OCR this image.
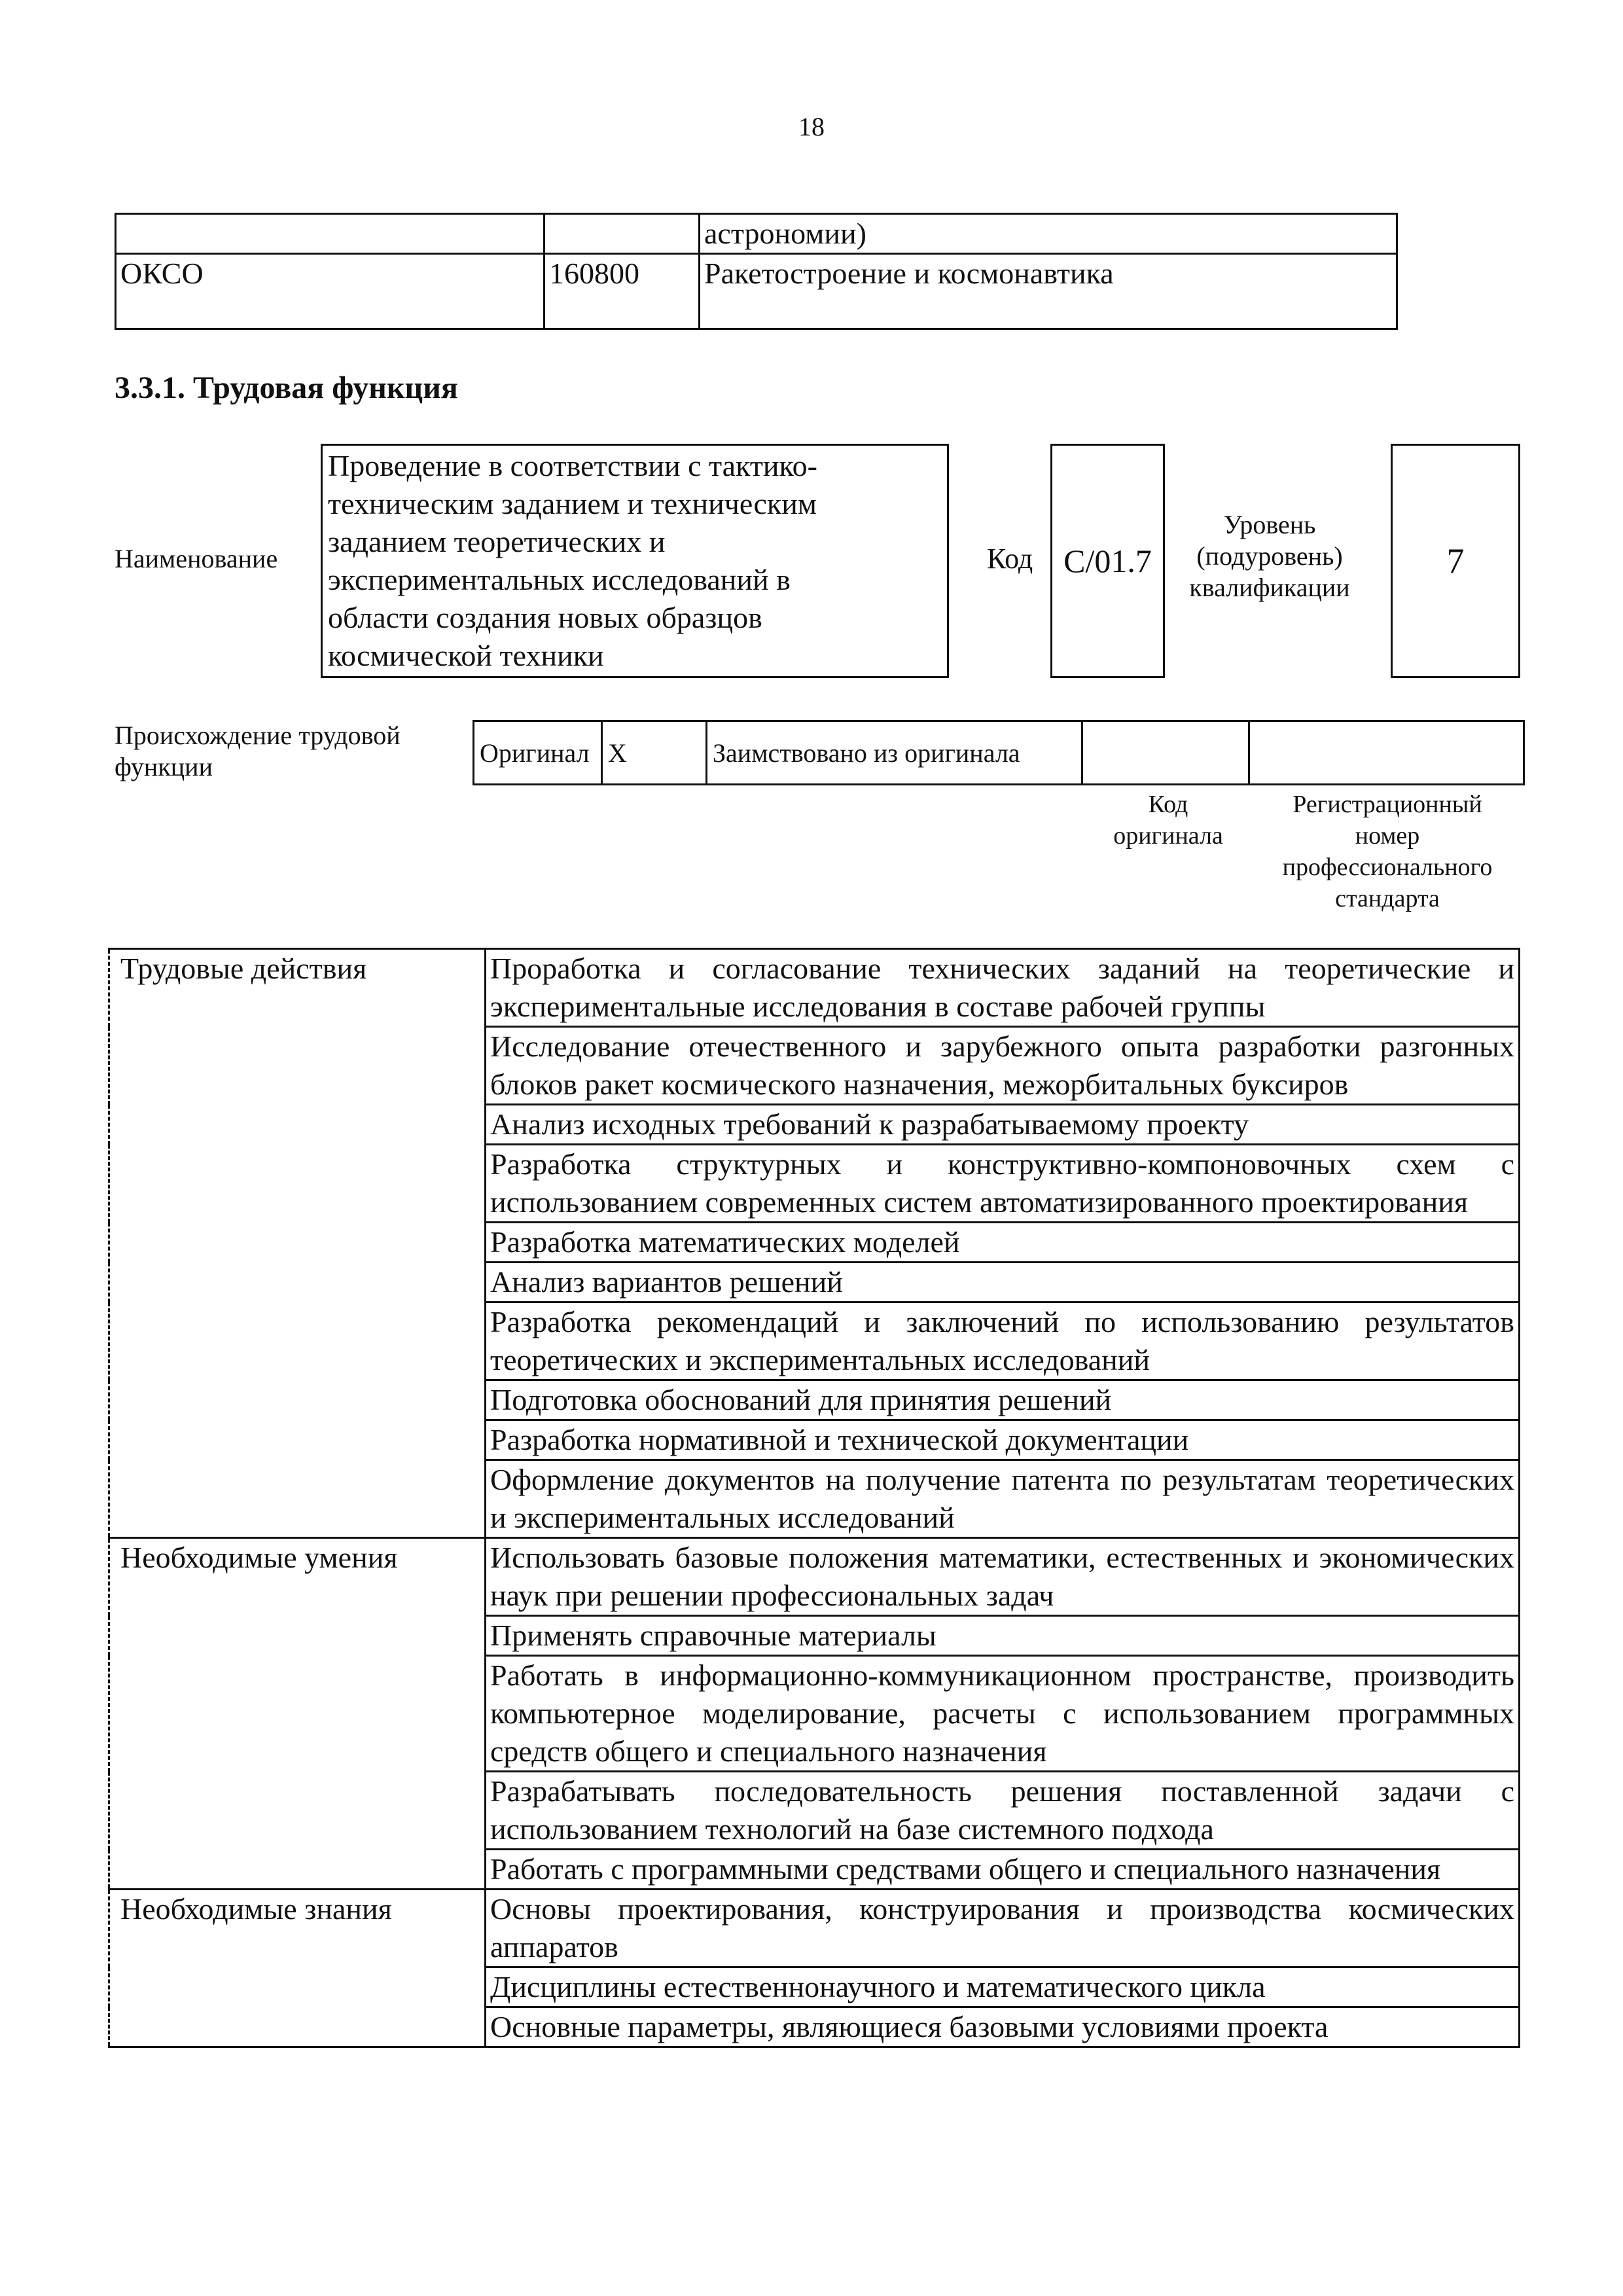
18
		астрономии)
ОКСО	160800	Ракетостроение и космонавтика
3.3.1. Трудовая функция
Наименование
Проведение в соответствии с тактико-
техническим заданием и техническим
заданием теоретических и
экспериментальных исследований в
области создания новых образцов
космической техники
Код C/01.7
Уровень
(подуровень)
квалификации
7
Происхождение трудовой
функции	Оригинал	X	Заимствовано из оригинала		
Код
оригинала
Регистрационный
номер
профессионального
стандарта
Трудовые действия	Проработка и согласование технических заданий на теоретические и экспериментальные исследования в составе рабочей группы
	Исследование отечественного и зарубежного опыта разработки разгонных блоков ракет космического назначения, межорбитальных буксиров
	Анализ исходных требований к разрабатываемому проекту
	Разработка структурных и конструктивно-компоновочных схем с использованием современных систем автоматизированного проектирования
	Разработка математических моделей
	Анализ вариантов решений
	Разработка рекомендаций и заключений по использованию результатов теоретических и экспериментальных исследований
	Подготовка обоснований для принятия решений
	Разработка нормативной и технической документации
	Оформление документов на получение патента по результатам теоретических и экспериментальных исследований
Необходимые умения	Использовать базовые положения математики, естественных и экономических наук при решении профессиональных задач
	Применять справочные материалы
	Работать в информационно-коммуникационном пространстве, производить компьютерное моделирование, расчеты с использованием программных средств общего и специального назначения
	Разрабатывать последовательность решения поставленной задачи с использованием технологий на базе системного подхода
	Работать с программными средствами общего и специального назначения
Необходимые знания	Основы проектирования, конструирования и производства космических аппаратов
	Дисциплины естественнонаучного и математического цикла
	Основные параметры, являющиеся базовыми условиями проекта
